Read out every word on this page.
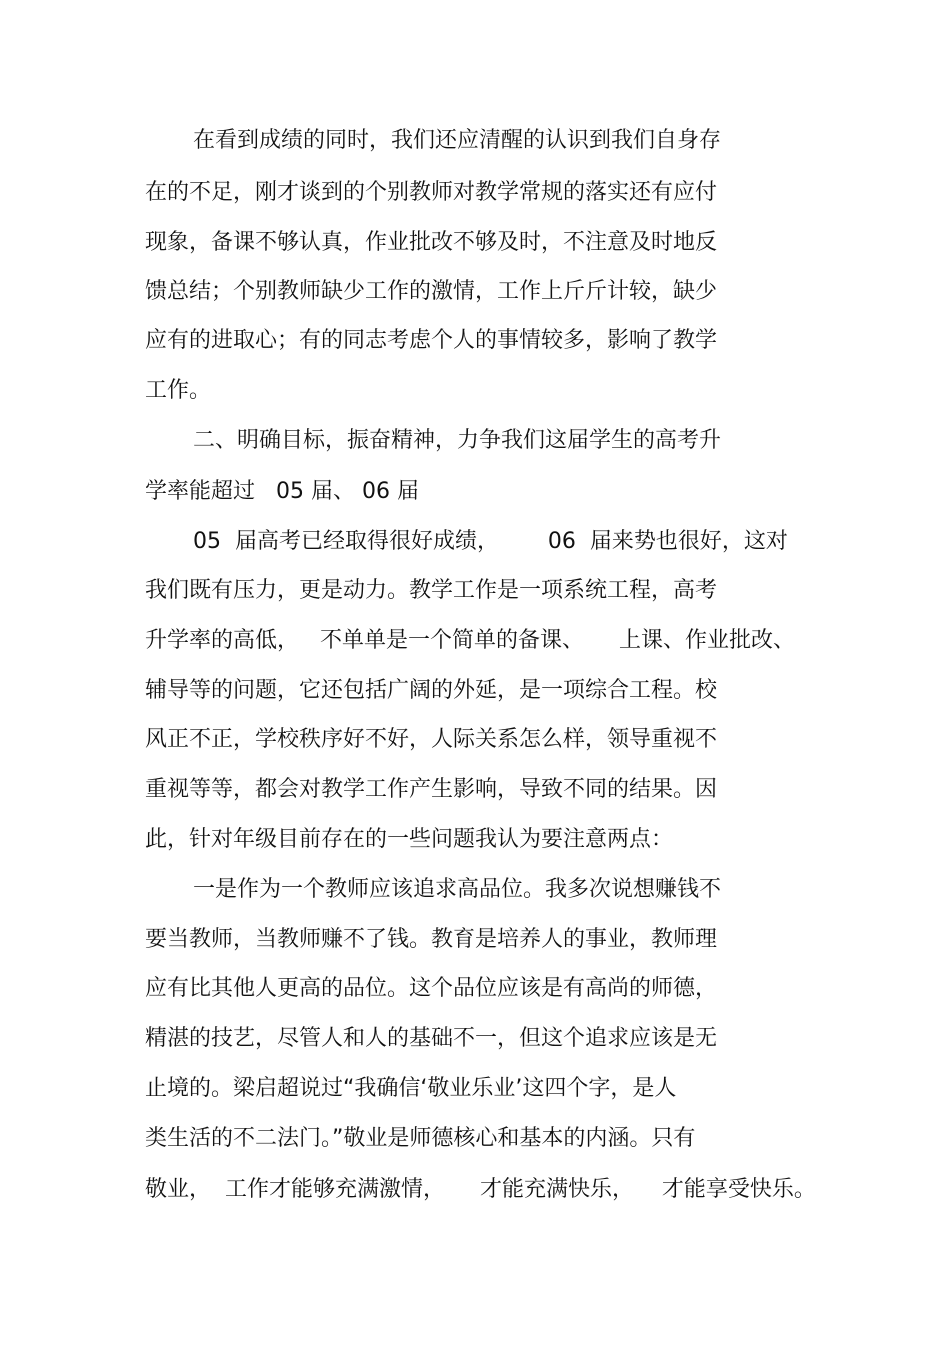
在看到成绩的同时，我们还应清醒的认识到我们自身存
在的不足，刚才谈到的个别教师对教学常规的落实还有应付
现象，备课不够认真，作业批改不够及时，不注意及时地反
馈总结；个别教师缺少工作的激情，工作上斤斤计较，缺少
应有的进取心；有的同志考虑个人的事情较多，影响了教学
工作。
二、明确目标，振奋精神，力争我们这届学生的高考升
学率能超过   05 届、 06 届
05  届高考已经取得很好成绩，       06  届来势也很好，这对
我们既有压力，更是动力。教学工作是一项系统工程，高考
升学率的高低，   不单单是一个简单的备课、     上课、作业批改、
辅导等的问题，它还包括广阔的外延，是一项综合工程。校
风正不正，学校秩序好不好，人际关系怎么样，领导重视不
重视等等，都会对教学工作产生影响，导致不同的结果。因
此，针对年级目前存在的一些问题我认为要注意两点：
一是作为一个教师应该追求高品位。我多次说想赚钱不
要当教师，当教师赚不了钱。教育是培养人的事业，教师理
应有比其他人更高的品位。这个品位应该是有高尚的师德，
精湛的技艺，尽管人和人的基础不一，但这个追求应该是无
止境的。梁启超说过“我确信‘敬业乐业’这四个字，是人
类生活的不二法门。”敬业是师德核心和基本的内涵。只有
敬业，  工作才能够充满激情，     才能充满快乐，    才能享受快乐。
